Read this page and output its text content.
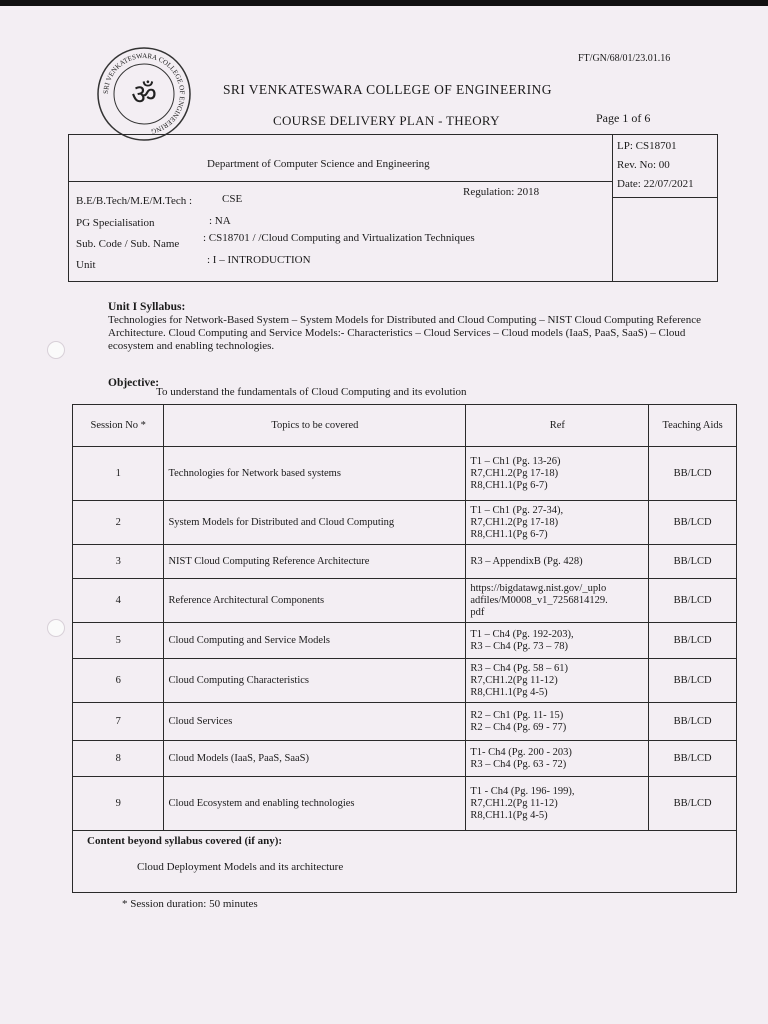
SRI VENKATESWARA COLLEGE OF ENGINEERING
ॐ
FT/GN/68/01/23.01.16
SRI VENKATESWARA COLLEGE OF ENGINEERING
COURSE DELIVERY PLAN - THEORY	Page 1 of 6
Department of Computer Science and Engineering
LP: CS18701
Rev. No: 00
Date: 22/07/2021
Regulation: 2018
B.E/B.Tech/M.E/M.Tech :	CSE
PG Specialisation	: NA
Sub. Code / Sub. Name : CS18701 / /Cloud Computing and Virtualization Techniques
Unit	: I – INTRODUCTION
Unit I Syllabus:
Technologies for Network-Based System – System Models for Distributed and Cloud Computing – NIST Cloud Computing Reference Architecture. Cloud Computing and Service Models:- Characteristics – Cloud Services – Cloud models (IaaS, PaaS, SaaS) – Cloud ecosystem and enabling technologies.
Objective:
To understand the fundamentals of Cloud Computing and its evolution
Session No *	Topics to be covered	Ref	Teaching Aids
1	Technologies for Network based systems	T1 – Ch1 (Pg. 13-26)
R7,CH1.2(Pg 17-18)
R8,CH1.1(Pg 6-7)	BB/LCD
2	System Models for Distributed and Cloud Computing	T1 – Ch1 (Pg. 27-34),
R7,CH1.2(Pg 17-18)
R8,CH1.1(Pg 6-7)	BB/LCD
3	NIST Cloud Computing Reference Architecture	R3 – AppendixB (Pg. 428)	BB/LCD
4	Reference Architectural Components	https://bigdatawg.nist.gov/_uplo
adfiles/M0008_v1_7256814129.
pdf	BB/LCD
5	Cloud Computing and Service Models	T1 – Ch4 (Pg. 192-203),
R3 – Ch4 (Pg. 73 – 78)	BB/LCD
6	Cloud Computing Characteristics	R3 – Ch4 (Pg. 58 – 61)
R7,CH1.2(Pg 11-12)
R8,CH1.1(Pg 4-5)	BB/LCD
7	Cloud Services	R2 – Ch1 (Pg. 11- 15)
R2 – Ch4 (Pg. 69 - 77)	BB/LCD
8	Cloud Models (IaaS, PaaS, SaaS)	T1- Ch4 (Pg. 200 - 203)
R3 – Ch4 (Pg. 63 - 72)	BB/LCD
9	Cloud Ecosystem and enabling technologies	T1 - Ch4 (Pg. 196- 199),
R7,CH1.2(Pg 11-12)
R8,CH1.1(Pg 4-5)	BB/LCD

Content beyond syllabus covered (if any):
Cloud Deployment Models and its architecture			
* Session duration: 50 minutes
